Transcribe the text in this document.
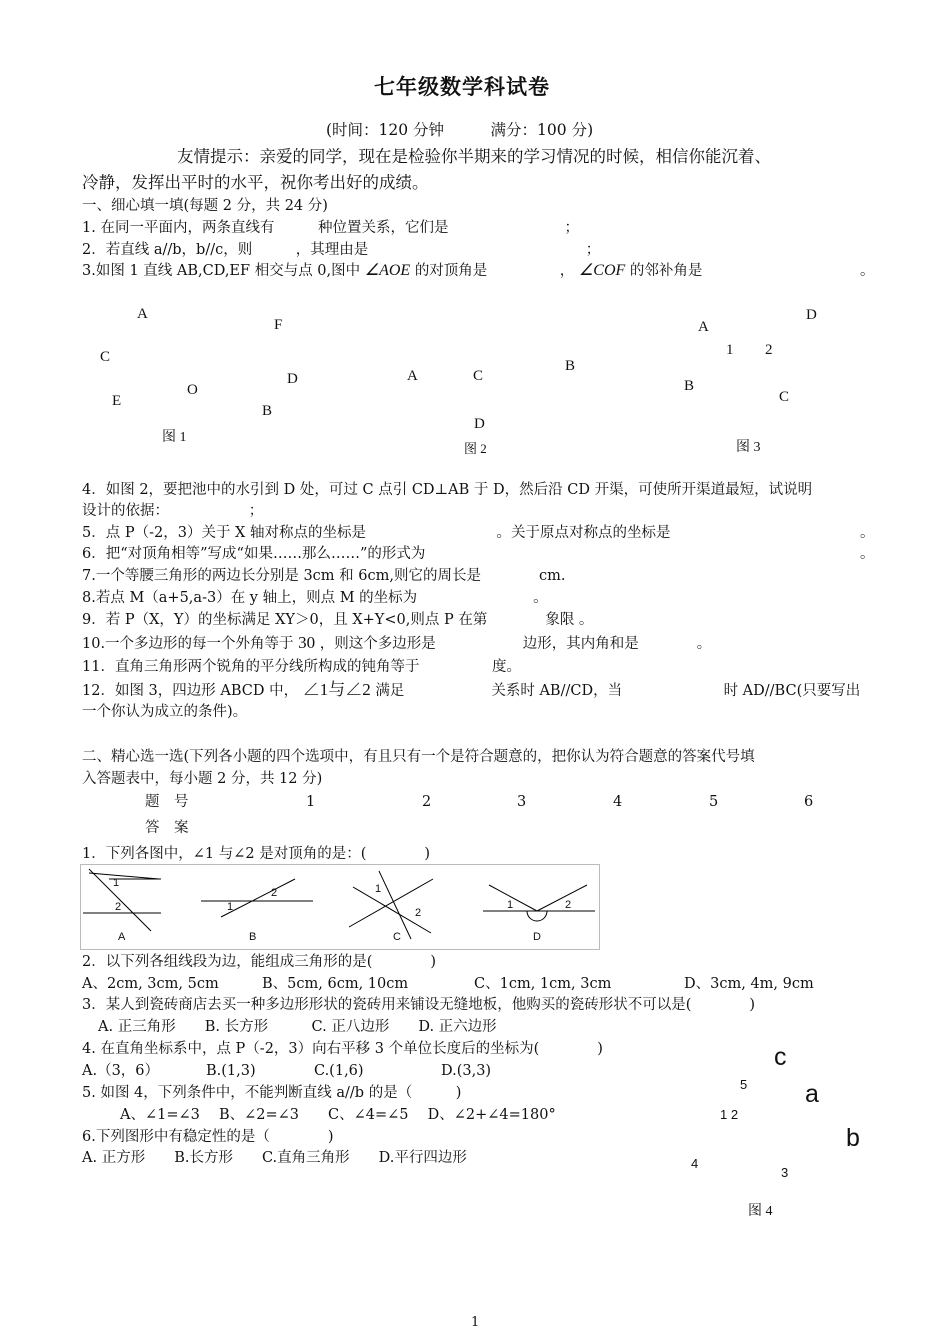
七年级数学科试卷
(时间：120 分钟　　　满分：100 分)
友情提示：亲爱的同学，现在是检验你半期来的学习情况的时候，相信你能沉着、
冷静，发挥出平时的水平，祝你考出好的成绩。
一、细心填一填(每题 2 分，共 24 分)
1. 在同一平面内，两条直线有　　　种位置关系，它们是　　　　　　　　；
2．若直线 a//b，b//c，则　　　，其理由是　　　　　　　　　　　　　　　；
3.如图 1 直线 AB,CD,EF 相交与点 0,图中 ∠AOE 的对顶角是　　　　　， ∠COF 的邻补角是	。
A
F
C
D
O
E
B
图 1
A	C
B
D
图 2
D
A
1 2
B
C
图 3
4．如图 2，要把池中的水引到 D 处，可过 C 点引 CD⊥AB 于 D，然后沿 CD 开渠，可使所开渠道最短，试说明
设计的依据：　　　　　　；
5．点 P（-2，3）关于 X 轴对称点的坐标是　　　　　　　　　。关于原点对称点的坐标是	。
6．把“对顶角相等”写成“如果……那么……”的形式为	。
7.一个等腰三角形的两边长分别是 3cm 和 6cm,则它的周长是　　　　cm.
8.若点 M（a+5,a-3）在 y 轴上，则点 M 的坐标为　　　　　　　　。
9．若 P（X，Y）的坐标满足 XY＞0，且 X+Y<0,则点 P 在第　　　　象限 。
10.一个多边形的每一个外角等于 30 ，则这个多边形是　　　　　　边形，其内角和是　　　　。
11．直角三角形两个锐角的平分线所构成的钝角等于　　　　　度。
12．如图 3，四边形 ABCD 中， ∠1与∠2 满足　　　　　　关系时 AB//CD，当　　　　　　　时 AD//BC(只要写出
一个你认为成立的条件)。
二、精心选一选(下列各小题的四个选项中，有且只有一个是符合题意的，把你认为符合题意的答案代号填
入答题表中，每小题 2 分，共 12 分)
题　号	1	2	3	4	5	6
答　案
1．下列各图中，∠1 与∠2 是对顶角的是：(　　　　)
1
2	1
2	1
2
1	2
A	B	C	D
2．以下列各组线段为边，能组成三角形的是(　　　　)
A、2cm, 3cm, 5cm	B、5cm, 6cm, 10cm	C、1cm, 1cm, 3cm	D、3cm, 4m, 9cm
3．某人到瓷砖商店去买一种多边形形状的瓷砖用来铺设无缝地板，他购买的瓷砖形状不可以是(　　　　)
A. 正三角形　　B. 长方形　　　C. 正八边形　　D. 正六边形
4. 在直角坐标系中，点 P（-2，3）向右平移 3 个单位长度后的坐标为(　　　　)
A.（3，6）	B.(1,3)	C.(1,6)	D.(3,3)
5. 如图 4，下列条件中，不能判断直线 a//b 的是（　　　)
A、∠1=∠3　 B、∠2=∠3　　C、∠4=∠5　 D、∠2+∠4=180°
6.下列图形中有稳定性的是（　　　　)
A. 正方形　　B.长方形　　C.直角三角形　　D.平行四边形
c
5 a
1 2
b
4
3
图 4
1
